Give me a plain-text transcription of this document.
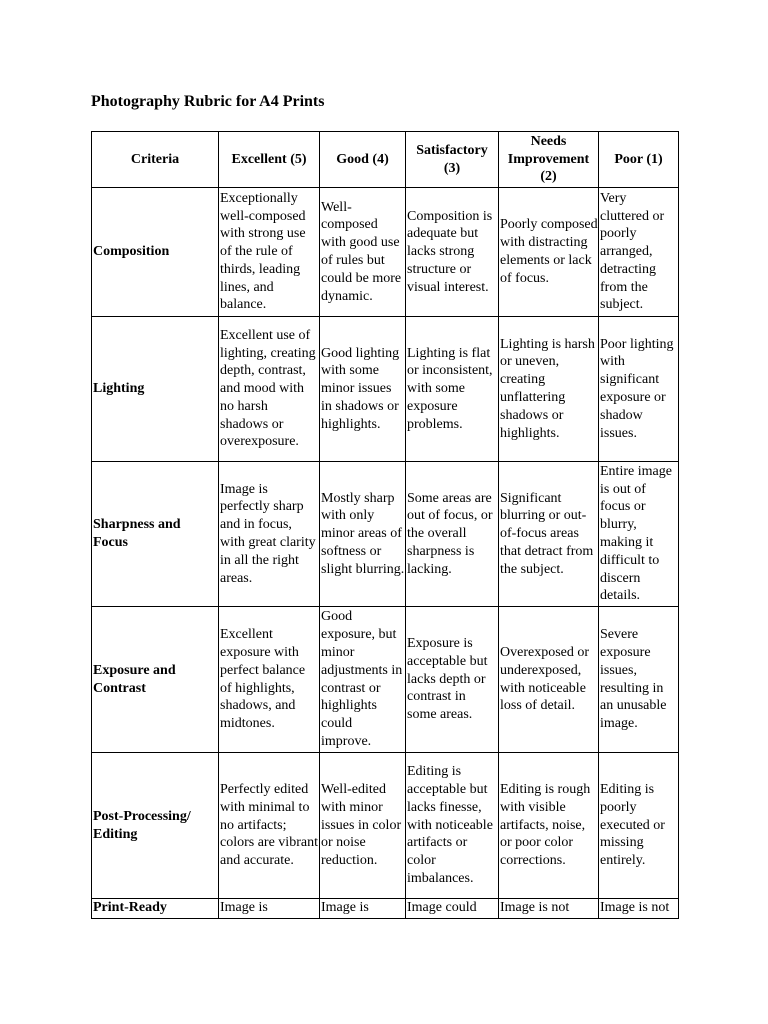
Photography Rubric for A4 Prints
Criteria	Excellent (5)	Good (4)	Satisfactory (3)	Needs Improvement (2)	Poor (1)
Composition	Exceptionally well-composed with strong use of the rule of thirds, leading lines, and balance.	Well-composed with good use of rules but could be more dynamic.	Composition is adequate but lacks strong structure or visual interest.	Poorly composed with distracting elements or lack of focus.	Very cluttered or poorly arranged, detracting from the subject.
Lighting	Excellent use of lighting, creating depth, contrast, and mood with no harsh shadows or overexposure.	Good lighting with some minor issues in shadows or highlights.	Lighting is flat or inconsistent, with some exposure problems.	Lighting is harsh or uneven, creating unflattering shadows or highlights.	Poor lighting with significant exposure or shadow issues.
Sharpness and Focus	Image is perfectly sharp and in focus, with great clarity in all the right areas.	Mostly sharp with only minor areas of softness or slight blurring.	Some areas are out of focus, or the overall sharpness is lacking.	Significant blurring or out-of-focus areas that detract from the subject.	Entire image is out of focus or blurry, making it difficult to discern details.
Exposure and Contrast	Excellent exposure with perfect balance of highlights, shadows, and midtones.	Good exposure, but minor adjustments in contrast or highlights could improve.	Exposure is acceptable but lacks depth or contrast in some areas.	Overexposed or underexposed, with noticeable loss of detail.	Severe exposure issues, resulting in an unusable image.
Post-Processing/ Editing	Perfectly edited with minimal to no artifacts; colors are vibrant and accurate.	Well-edited with minor issues in color or noise reduction.	Editing is acceptable but lacks finesse, with noticeable artifacts or color imbalances.	Editing is rough with visible artifacts, noise, or poor color corrections.	Editing is poorly executed or missing entirely.
Print-Ready	Image is	Image is	Image could	Image is not	Image is not
